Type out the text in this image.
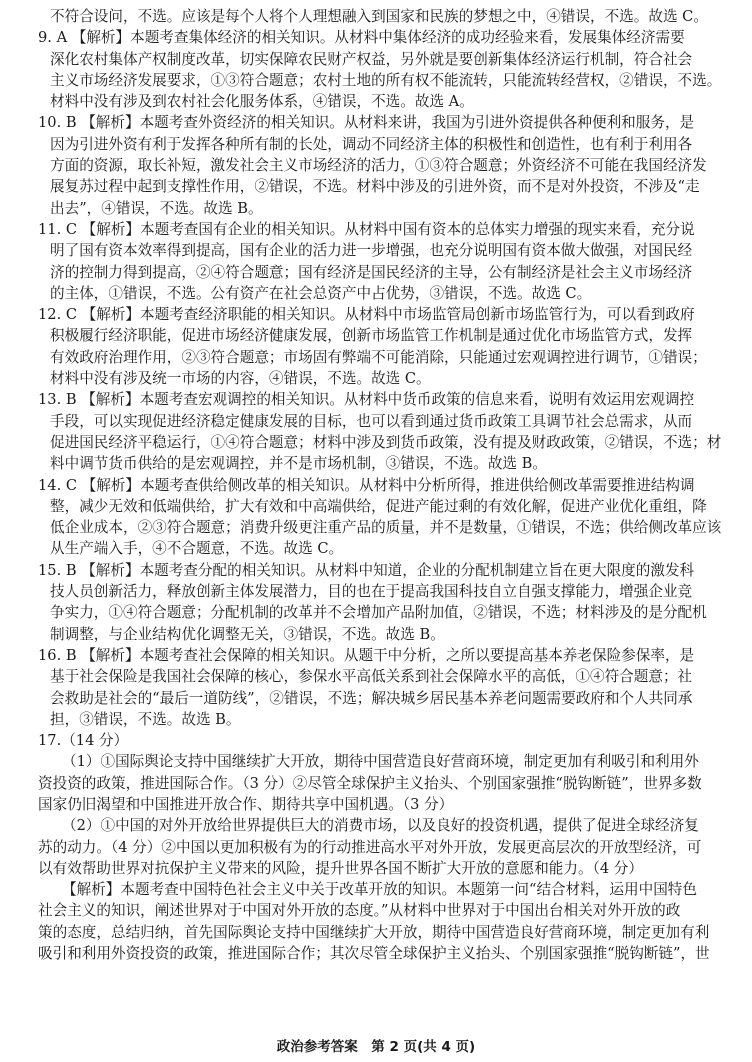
不符合设问，不选。应该是每个人将个人理想融入到国家和民族的梦想之中，④错误，不选。故选 C。
9. A 【解析】本题考查集体经济的相关知识。从材料中集体经济的成功经验来看，发展集体经济需要
深化农村集体产权制度改革，切实保障农民财产权益，另外就是要创新集体经济运行机制，符合社会
主义市场经济发展要求，①③符合题意；农村土地的所有权不能流转，只能流转经营权，②错误，不选。
材料中没有涉及到农村社会化服务体系，④错误，不选。故选 A。
10. B 【解析】本题考查外资经济的相关知识。从材料来讲，我国为引进外资提供各种便利和服务，是
因为引进外资有利于发挥各种所有制的长处，调动不同经济主体的积极性和创造性，也有利于利用各
方面的资源，取长补短，激发社会主义市场经济的活力，①③符合题意；外资经济不可能在我国经济发
展复苏过程中起到支撑性作用，②错误，不选。材料中涉及的引进外资，而不是对外投资，不涉及“走
出去”，④错误，不选。故选 B。
11. C 【解析】本题考查国有企业的相关知识。从材料中国有资本的总体实力增强的现实来看，充分说
明了国有资本效率得到提高，国有企业的活力进一步增强，也充分说明国有资本做大做强，对国民经
济的控制力得到提高，②④符合题意；国有经济是国民经济的主导，公有制经济是社会主义市场经济
的主体，①错误，不选。公有资产在社会总资产中占优势，③错误，不选。故选 C。
12. C 【解析】本题考查经济职能的相关知识。从材料中市场监管局创新市场监管行为，可以看到政府
积极履行经济职能，促进市场经济健康发展，创新市场监管工作机制是通过优化市场监管方式，发挥
有效政府治理作用，②③符合题意；市场固有弊端不可能消除，只能通过宏观调控进行调节，①错误；
材料中没有涉及统一市场的内容，④错误，不选。故选 C。
13. B 【解析】本题考查宏观调控的相关知识。从材料中货币政策的信息来看，说明有效运用宏观调控
手段，可以实现促进经济稳定健康发展的目标，也可以看到通过货币政策工具调节社会总需求，从而
促进国民经济平稳运行，①④符合题意；材料中涉及到货币政策，没有提及财政政策，②错误，不选；材
料中调节货币供给的是宏观调控，并不是市场机制，③错误，不选。故选 B。
14. C 【解析】本题考查供给侧改革的相关知识。从材料中分析所得，推进供给侧改革需要推进结构调
整，减少无效和低端供给，扩大有效和中高端供给，促进产能过剩的有效化解，促进产业优化重组，降
低企业成本，②③符合题意；消费升级更注重产品的质量，并不是数量，①错误，不选；供给侧改革应该
从生产端入手，④不合题意，不选。故选 C。
15. B 【解析】本题考查分配的相关知识。从材料中知道，企业的分配机制建立旨在更大限度的激发科
技人员创新活力，释放创新主体发展潜力，目的也在于提高我国科技自立自强支撑能力，增强企业竞
争实力，①④符合题意；分配机制的改革并不会增加产品附加值，②错误，不选；材料涉及的是分配机
制调整，与企业结构优化调整无关，③错误，不选。故选 B。
16. B 【解析】本题考查社会保障的相关知识。从题干中分析，之所以要提高基本养老保险参保率，是
基于社会保险是我国社会保障的核心，参保水平高低关系到社会保障水平的高低，①④符合题意；社
会救助是社会的“最后一道防线”，②错误，不选；解决城乡居民基本养老问题需要政府和个人共同承
担，③错误，不选。故选 B。
17.（14 分）
（1）①国际舆论支持中国继续扩大开放，期待中国营造良好营商环境，制定更加有利吸引和利用外
资投资的政策，推进国际合作。（3 分）②尽管全球保护主义抬头、个别国家强推“脱钩断链”，世界多数
国家仍旧渴望和中国推进开放合作、期待共享中国机遇。（3 分）
（2）①中国的对外开放给世界提供巨大的消费市场，以及良好的投资机遇，提供了促进全球经济复
苏的动力。（4 分）②中国以更加积极有为的行动推进高水平对外开放，发展更高层次的开放型经济，可
以有效帮助世界对抗保护主义带来的风险，提升世界各国不断扩大开放的意愿和能力。（4 分）
【解析】本题考查中国特色社会主义中关于改革开放的知识。本题第一问“结合材料，运用中国特色
社会主义的知识，阐述世界对于中国对外开放的态度。”从材料中世界对于中国出台相关对外开放的政
策的态度，总结归纳，首先国际舆论支持中国继续扩大开放，期待中国营造良好营商环境，制定更加有利
吸引和利用外资投资的政策，推进国际合作；其次尽管全球保护主义抬头、个别国家强推“脱钩断链”，世
政治参考答案　第 2 页(共 4 页)
